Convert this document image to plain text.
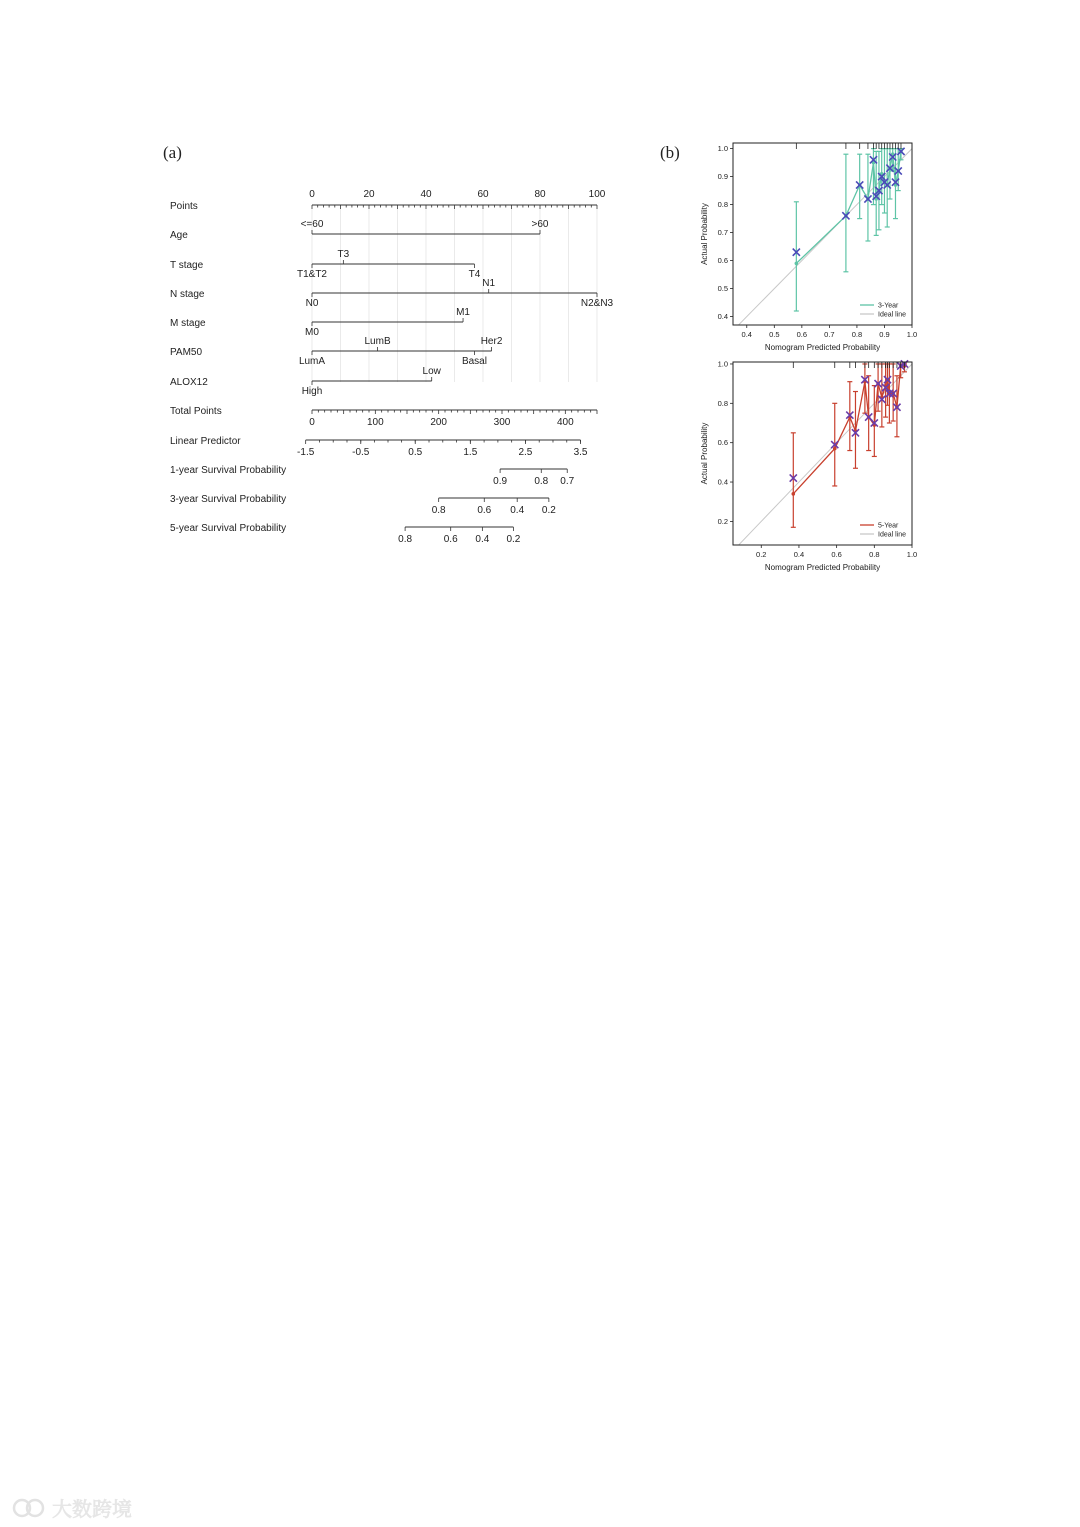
(a)	(b)
Points
0	20	40	60	80	100
Age
<=60	>60
T stage
T1&T2
T3
T4
N stage
N0
N1
N2&N3
M stage
M0
M1
PAM50
LumA
LumB
Basal
Her2
ALOX12
High
Low
Total Points
0	100	200	300	400
Linear Predictor
-1.5	-0.5	0.5	1.5	2.5	3.5
1-year Survival Probability
0.9	0.8 0.7
3-year Survival Probability
0.8	0.6 0.4 0.2
5-year Survival Probability
0.8	0.6 0.4 0.2
0.4 0.5 0.6 0.7 0.8 0.9 1.0
0.4
0.5
0.6
0.7
0.8
0.9
1.0
Nomogram Predicted Probability
Actual Probability
3-Year
Ideal line
0.2	0.4	0.6	0.8	1.0
0.2
0.4
0.6
0.8
1.0
Nomogram Predicted Probability
Actual Probability
5-Year
Ideal line
大数跨境
